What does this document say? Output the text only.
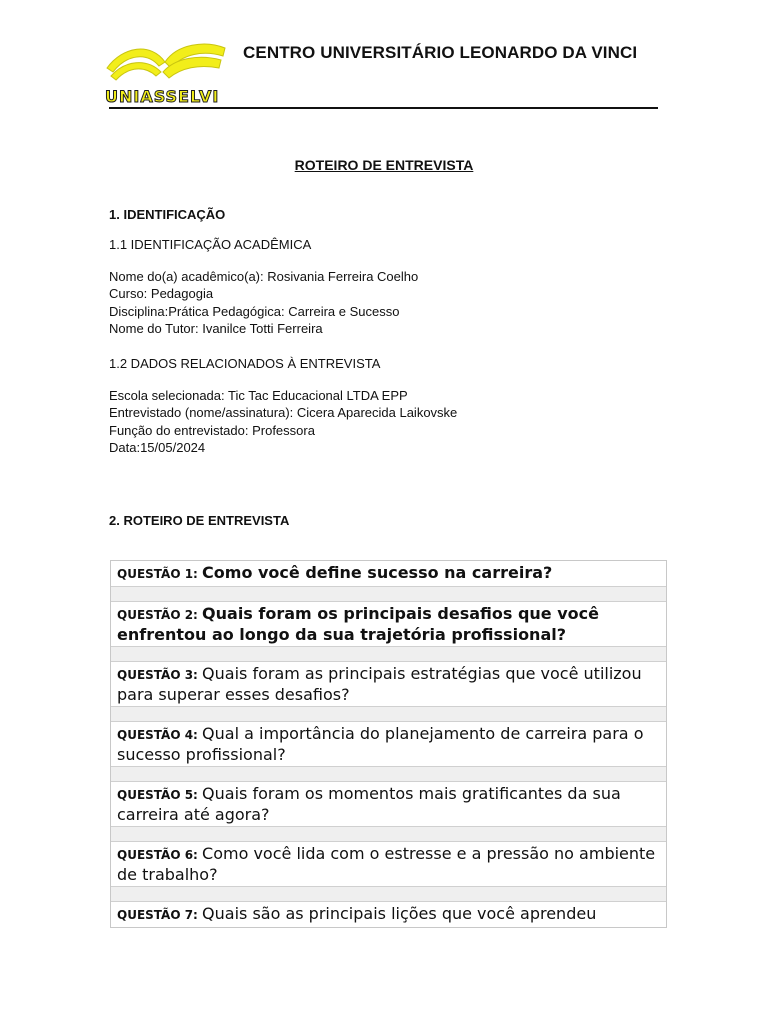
UNIASSELVI
CENTRO UNIVERSITÁRIO LEONARDO DA VINCI
ROTEIRO DE ENTREVISTA
1. IDENTIFICAÇÃO
1.1 IDENTIFICAÇÃO ACADÊMICA
Nome do(a) acadêmico(a): Rosivania Ferreira Coelho
Curso: Pedagogia
Disciplina:Prática Pedagógica: Carreira e Sucesso
Nome do Tutor: Ivanilce Totti Ferreira
1.2 DADOS RELACIONADOS À ENTREVISTA
Escola selecionada: Tic Tac Educacional LTDA EPP
Entrevistado (nome/assinatura): Cicera Aparecida Laikovske
Função do entrevistado: Professora
Data:15/05/2024
2. ROTEIRO DE ENTREVISTA
QUESTÃO 1: Como você define sucesso na carreira?
QUESTÃO 2: Quais foram os principais desafios que você enfrentou ao longo da sua trajetória profissional?
QUESTÃO 3: Quais foram as principais estratégias que você utilizou para superar esses desafios?
QUESTÃO 4: Qual a importância do planejamento de carreira para o sucesso profissional?
QUESTÃO 5: Quais foram os momentos mais gratificantes da sua carreira até agora?
QUESTÃO 6: Como você lida com o estresse e a pressão no ambiente de trabalho?
QUESTÃO 7: Quais são as principais lições que você aprendeu
